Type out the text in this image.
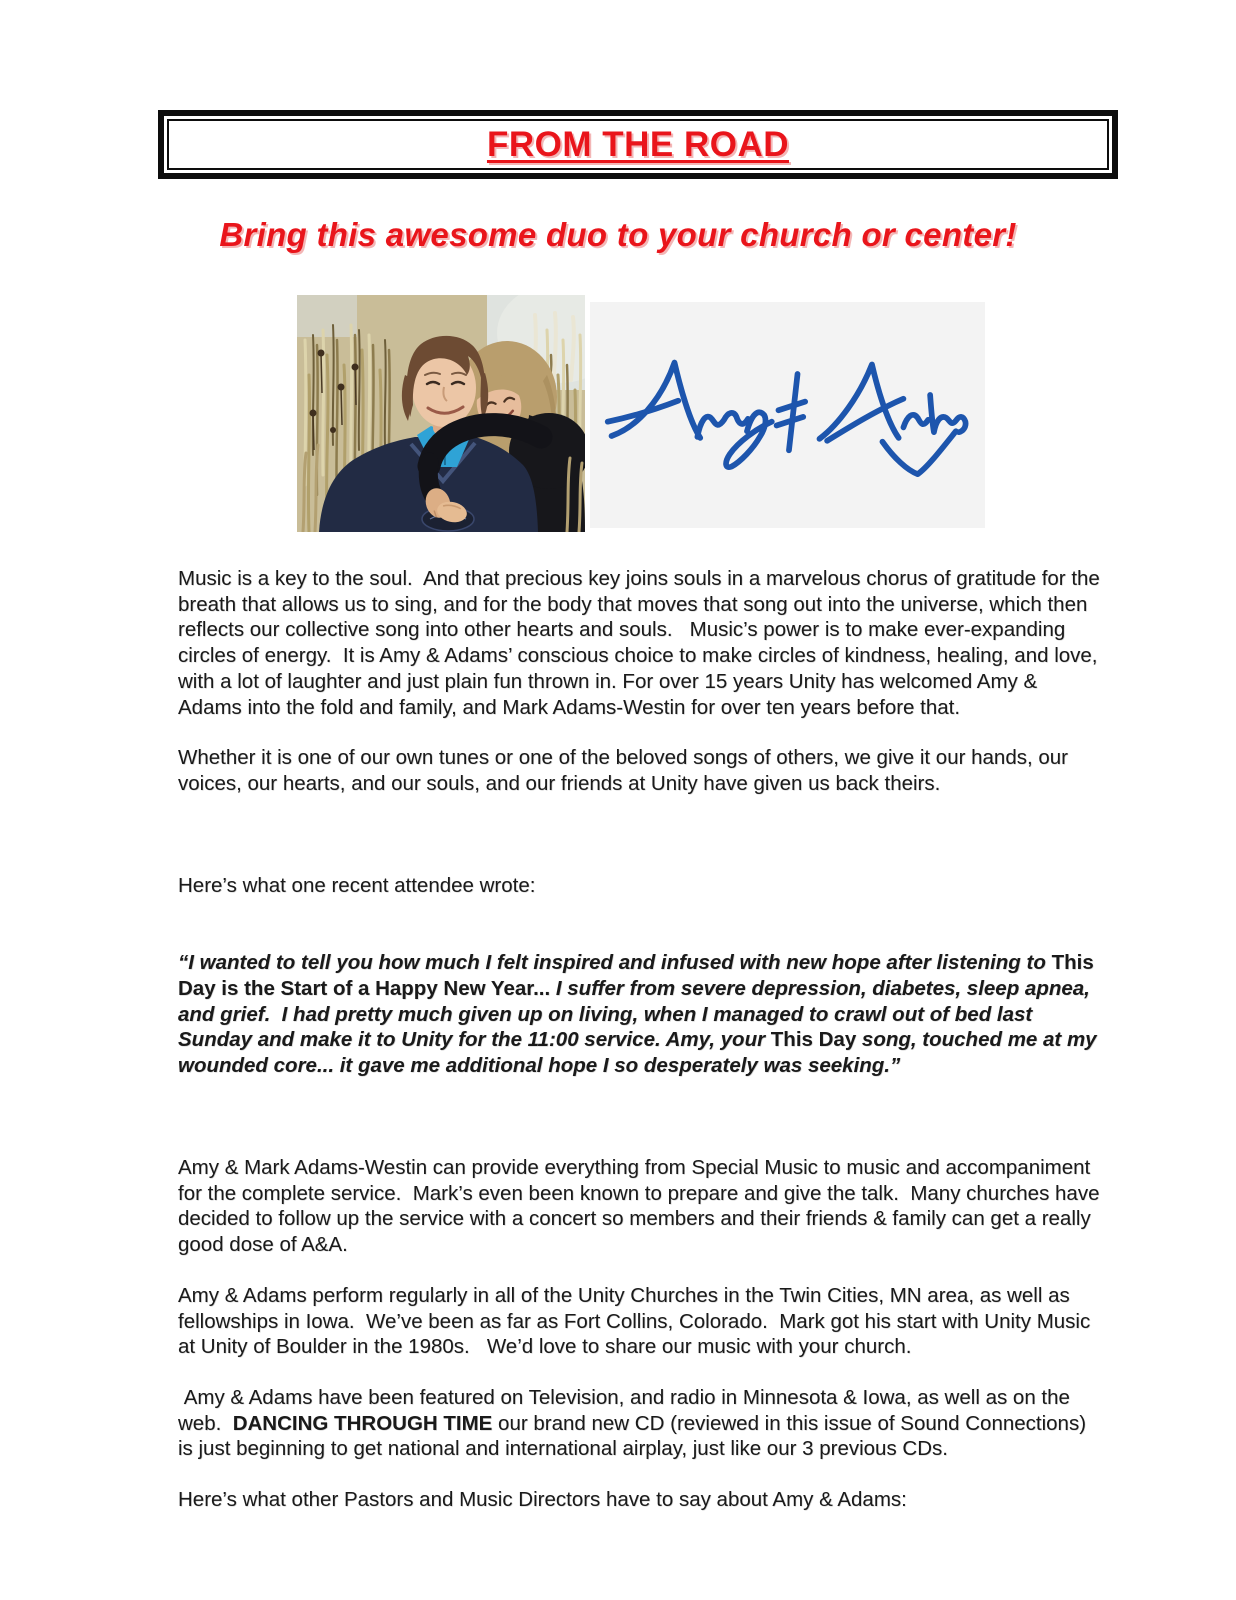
FROM THE ROAD
Bring this awesome duo to your church or center!

Music is a key to the soul.  And that precious key joins souls in a marvelous chorus of gratitude for the breath that allows us to sing, and for the body that moves that song out into the universe, which then reflects our collective song into other hearts and souls.   Music’s power is to make ever-expanding circles of energy.  It is Amy & Adams’ conscious choice to make circles of kindness, healing, and love, with a lot of laughter and just plain fun thrown in. For over 15 years Unity has welcomed Amy & Adams into the fold and family, and Mark Adams-Westin for over ten years before that.

Whether it is one of our own tunes or one of the beloved songs of others, we give it our hands, our voices, our hearts, and our souls, and our friends at Unity have given us back theirs.

Here’s what one recent attendee wrote:

“I wanted to tell you how much I felt inspired and infused with new hope after listening to This Day is the Start of a Happy New Year... I suffer from severe depression, diabetes, sleep apnea, and grief.  I had pretty much given up on living, when I managed to crawl out of bed last Sunday and make it to Unity for the 11:00 service. Amy, your This Day song, touched me at my wounded core... it gave me additional hope I so desperately was seeking.”

Amy & Mark Adams-Westin can provide everything from Special Music to music and accompaniment for the complete service.  Mark’s even been known to prepare and give the talk.  Many churches have decided to follow up the service with a concert so members and their friends & family can get a really good dose of A&A.

Amy & Adams perform regularly in all of the Unity Churches in the Twin Cities, MN area, as well as fellowships in Iowa.  We’ve been as far as Fort Collins, Colorado.  Mark got his start with Unity Music at Unity of Boulder in the 1980s.   We’d love to share our music with your church.

Amy & Adams have been featured on Television, and radio in Minnesota & Iowa, as well as on the web.  DANCING THROUGH TIME our brand new CD (reviewed in this issue of Sound Connections) is just beginning to get national and international airplay, just like our 3 previous CDs.

Here’s what other Pastors and Music Directors have to say about Amy & Adams:
